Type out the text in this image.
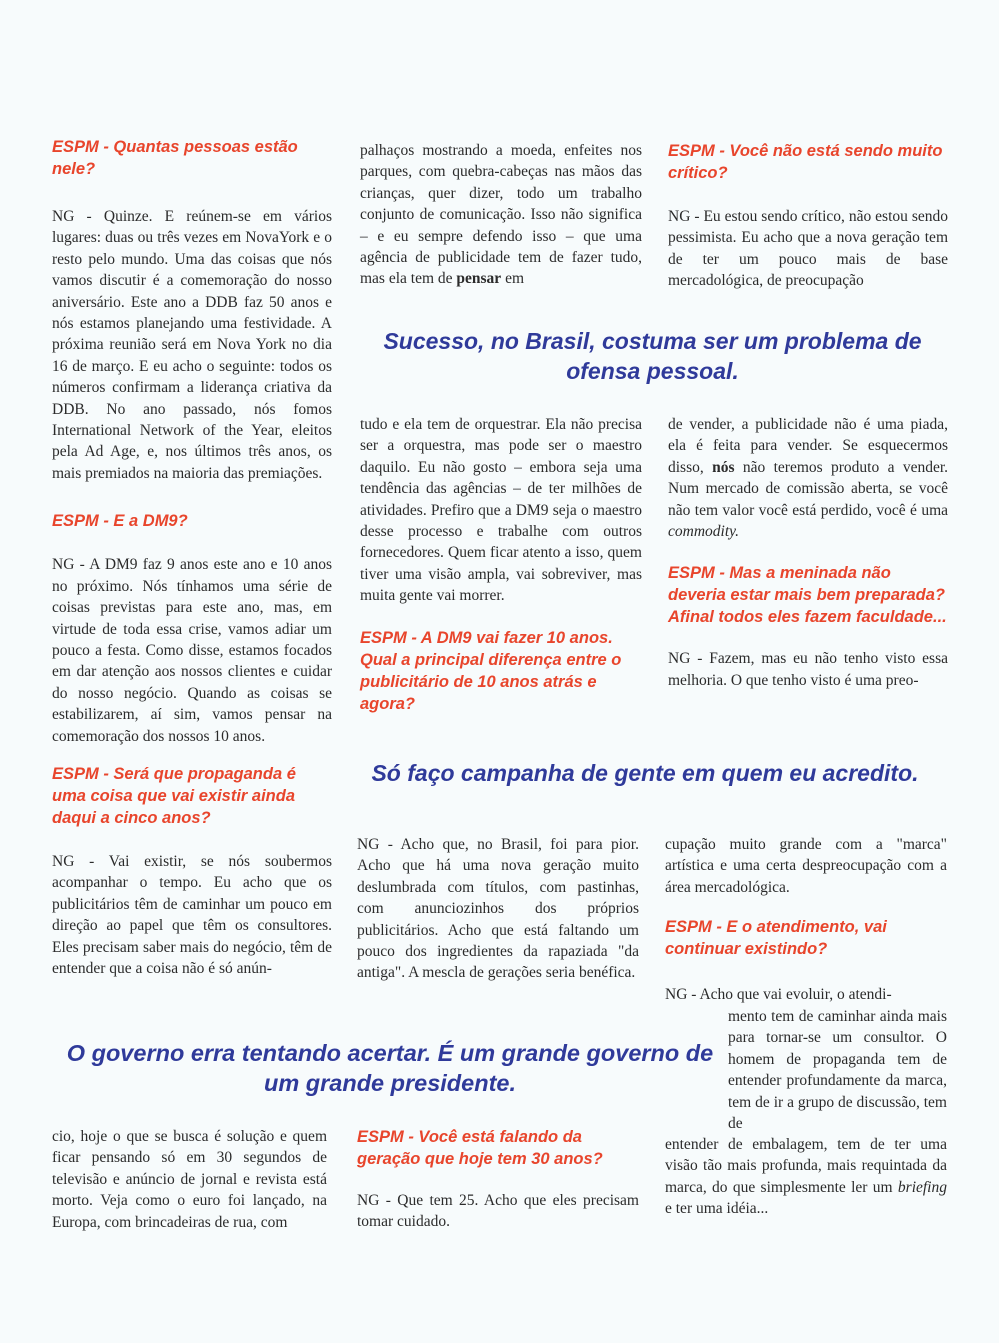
ESPM - Quantas pessoas estão nele?

NG - Quinze. E reúnem-se em vários lugares: duas ou três vezes em NovaYork e o resto pelo mundo. Uma das coisas que nós vamos discutir é a comemoração do nosso aniversário. Este ano a DDB faz 50 anos e nós estamos planejando uma festividade. A próxima reunião será em Nova York no dia 16 de março. E eu acho o seguinte: todos os números confirmam a liderança criativa da DDB. No ano passado, nós fomos International Network of the Year, eleitos pela Ad Age, e, nos últimos três anos, os mais premiados na maioria das premiações.

ESPM - E a DM9?

NG - A DM9 faz 9 anos este ano e 10 anos no próximo. Nós tínhamos uma série de coisas previstas para este ano, mas, em virtude de toda essa crise, vamos adiar um pouco a festa. Como disse, estamos focados em dar atenção aos nossos clientes e cuidar do nosso negócio. Quando as coisas se estabilizarem, aí sim, vamos pensar na comemoração dos nossos 10 anos.

ESPM - Será que propaganda é uma coisa que vai existir ainda daqui a cinco anos?

NG - Vai existir, se nós soubermos acompanhar o tempo. Eu acho que os publicitários têm de caminhar um pouco em direção ao papel que têm os consultores. Eles precisam saber mais do negócio, têm de entender que a coisa não é só anún-

cio, hoje o que se busca é solução e quem ficar pensando só em 30 segundos de televisão e anúncio de jornal e revista está morto. Veja como o euro foi lançado, na Europa, com brincadeiras de rua, com

palhaços mostrando a moeda, enfeites nos parques, com quebra-cabeças nas mãos das crianças, quer dizer, todo um trabalho conjunto de comunicação. Isso não significa – e eu sempre defendo isso – que uma agência de publicidade tem de fazer tudo, mas ela tem de pensar em

tudo e ela tem de orquestrar. Ela não precisa ser a orquestra, mas pode ser o maestro daquilo. Eu não gosto – embora seja uma tendência das agências – de ter milhões de atividades. Prefiro que a DM9 seja o maestro desse processo e trabalhe com outros fornecedores. Quem ficar atento a isso, quem tiver uma visão ampla, vai sobreviver, mas muita gente vai morrer.

ESPM - A DM9 vai fazer 10 anos. Qual a principal diferença entre o publicitário de 10 anos atrás e agora?

NG - Acho que, no Brasil, foi para pior. Acho que há uma nova geração muito deslumbrada com títulos, com pastinhas, com anunciozinhos dos próprios publicitários. Acho que está faltando um pouco dos ingredientes da rapaziada "da antiga". A mescla de gerações seria benéfica.

ESPM - Você está falando da geração que hoje tem 30 anos?

NG - Que tem 25. Acho que eles precisam tomar cuidado.

ESPM - Você não está sendo muito crítico?

NG - Eu estou sendo crítico, não estou sendo pessimista. Eu acho que a nova geração tem de ter um pouco mais de base mercadológica, de preocupação

de vender, a publicidade não é uma piada, ela é feita para vender. Se esquecermos disso, nós não teremos produto a vender. Num mercado de comissão aberta, se você não tem valor você está perdido, você é uma commodity.

ESPM - Mas a meninada não deveria estar mais bem preparada? Afinal todos eles fazem faculdade...

NG - Fazem, mas eu não tenho visto essa melhoria. O que tenho visto é uma preo-

cupação muito grande com a "marca" artística e uma certa despreocupação com a área mercadológica.

ESPM - E o atendimento, vai continuar existindo?

NG - Acho que vai evoluir, o atendi-

mento tem de caminhar ainda mais para tornar-se um consultor. O homem de propaganda tem de entender profundamente da marca, tem de ir a grupo de discussão, tem de

entender de embalagem, tem de ter uma visão tão mais profunda, mais requintada da marca, do que simplesmente ler um briefing e ter uma idéia...

Sucesso, no Brasil, costuma ser um problema de ofensa pessoal.

Só faço campanha de gente em quem eu acredito.

O governo erra tentando acertar. É um grande governo de um grande presidente.
